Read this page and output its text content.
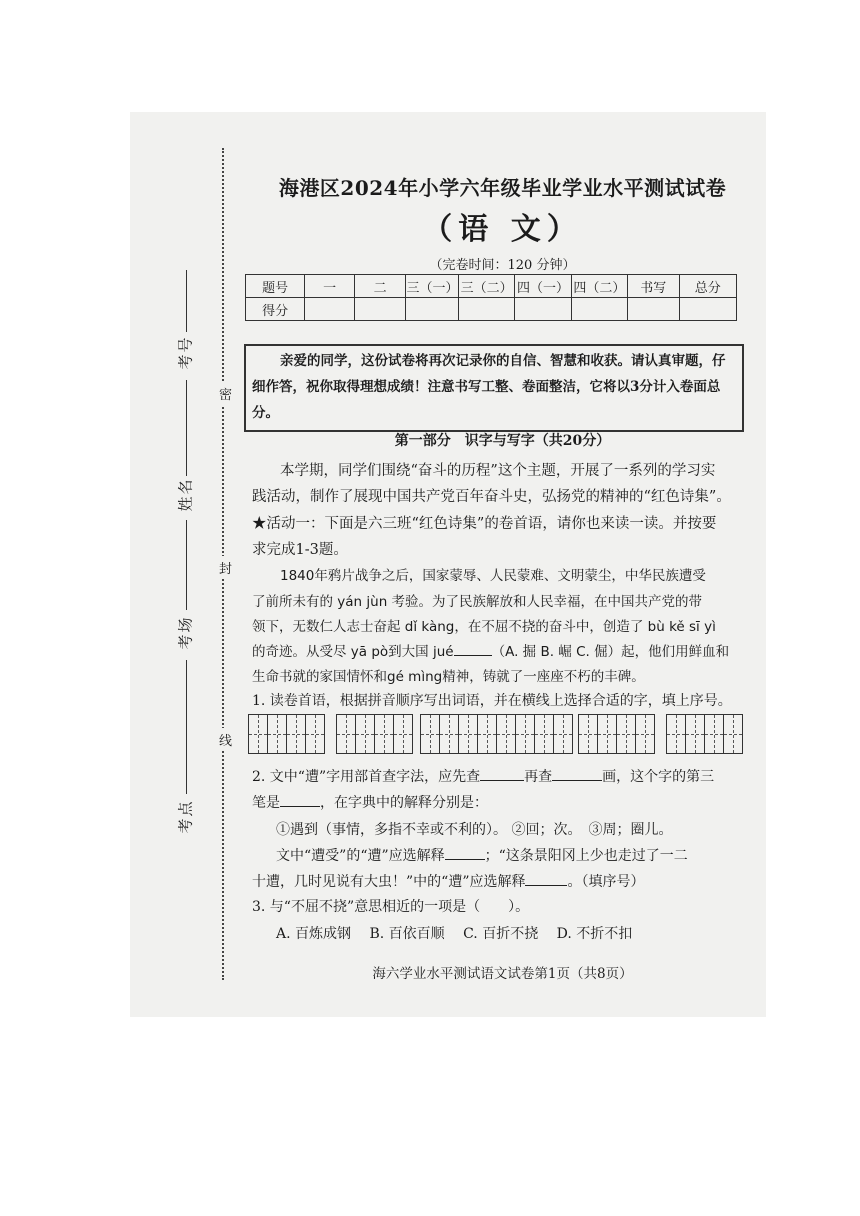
考号
姓名
考场
考点
密
封
线
海港区2024年小学六年级毕业学业水平测试试卷
（语 文）
（完卷时间：120 分钟）
题号	一	二	三（一）	三（二）	四（一）	四（二）	书写	总分
得分								
亲爱的同学，这份试卷将再次记录你的自信、智慧和收获。请认真审题，仔细作答，祝你取得理想成绩！注意书写工整、卷面整洁，它将以3分计入卷面总分。
第一部分　识字与写字（共20分）
本学期，同学们围绕“奋斗的历程”这个主题，开展了一系列的学习实
践活动，制作了展现中国共产党百年奋斗史，弘扬党的精神的“红色诗集”。
★活动一：下面是六三班“红色诗集”的卷首语，请你也来读一读。并按要
求完成1-3题。
1840年鸦片战争之后，国家蒙辱、人民蒙难、文明蒙尘，中华民族遭受
了前所未有的 yán jùn 考验。为了民族解放和人民幸福，在中国共产党的带
领下，无数仁人志士奋起 dǐ kàng，在不屈不挠的奋斗中，创造了 bù kě sī yì
的奇迹。从受尽 yā pò到大国 jué	（A. 掘 B. 崛 C. 倔）起，他们用鲜血和
生命书就的家国情怀和gé mìng精神，铸就了一座座不朽的丰碑。
1. 读卷首语，根据拼音顺序写出词语，并在横线上选择合适的字，填上序号。
2. 文中“遭”字用部首查字法，应先查	再查	画，这个字的第三
笔是	，在字典中的解释分别是：
①遇到（事情，多指不幸或不利的）。 ②回；次。　③周；圈儿。
文中“遭受”的“遭”应选解释	；“这条景阳冈上少也走过了一二
十遭，几时见说有大虫！”中的“遭”应选解释	。（填序号）
3. 与“不屈不挠”意思相近的一项是（　　）。
A. 百炼成钢　 B. 百依百顺　 C. 百折不挠　 D. 不折不扣
海六学业水平测试语文试卷第1页（共8页）
